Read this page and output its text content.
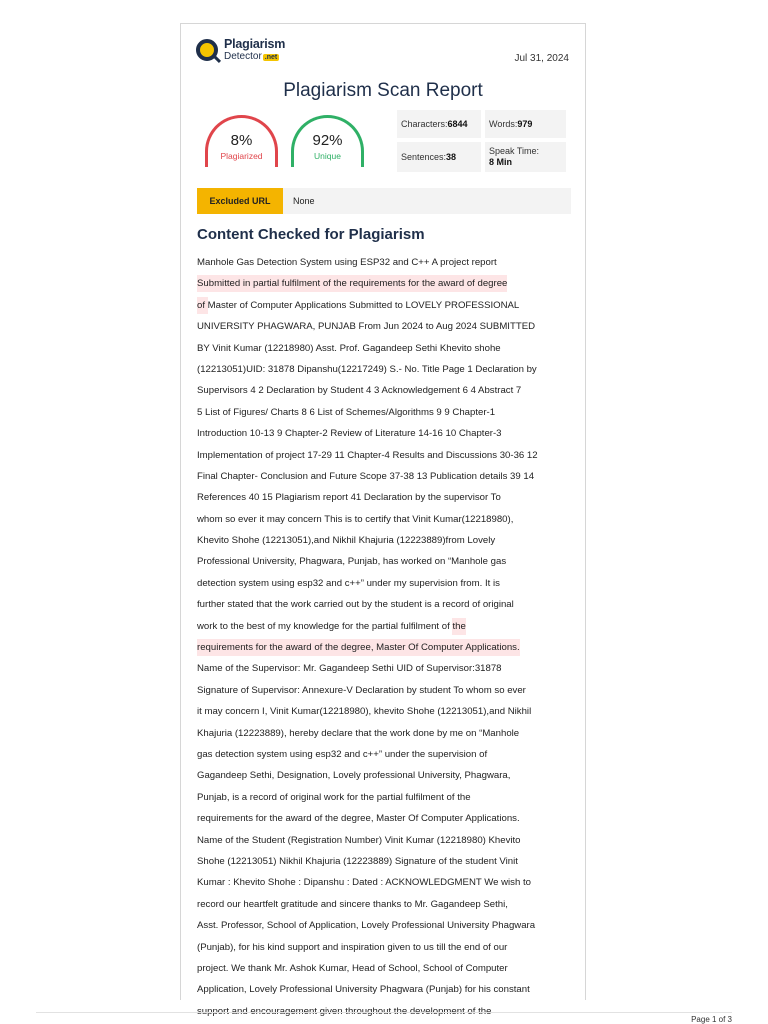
Plagiarism
Detector .net	Jul 31, 2024
Plagiarism Scan Report
8%
Plagiarized
92%
Unique
Characters: 6844 Words: 979
Sentences: 38
Speak Time:
8 Min
Excluded URL	None
Content Checked for Plagiarism
Manhole Gas Detection System using ESP32 and C++ A project report
Submitted in partial fulfilment of the requirements for the award of degree
of Master of Computer Applications Submitted to LOVELY PROFESSIONAL
UNIVERSITY PHAGWARA, PUNJAB From Jun 2024 to Aug 2024 SUBMITTED
BY Vinit Kumar (12218980) Asst. Prof. Gagandeep Sethi Khevito shohe
(12213051)UID: 31878 Dipanshu(12217249) S.- No. Title Page 1 Declaration by
Supervisors 4 2 Declaration by Student 4 3 Acknowledgement 6 4 Abstract 7
5 List of Figures/ Charts 8 6 List of Schemes/Algorithms 9 9 Chapter-1
Introduction 10-13 9 Chapter-2 Review of Literature 14-16 10 Chapter-3
Implementation of project 17-29 11 Chapter-4 Results and Discussions 30-36 12
Final Chapter- Conclusion and Future Scope 37-38 13 Publication details 39 14
References 40 15 Plagiarism report 41 Declaration by the supervisor To
whom so ever it may concern This is to certify that Vinit Kumar(12218980),
Khevito Shohe (12213051),and Nikhil Khajuria (12223889)from Lovely
Professional University, Phagwara, Punjab, has worked on “Manhole gas
detection system using esp32 and c++” under my supervision from. It is
further stated that the work carried out by the student is a record of original
work to the best of my knowledge for the partial fulfilment of the
requirements for the award of the degree, Master Of Computer Applications.
Name of the Supervisor: Mr. Gagandeep Sethi UID of Supervisor:31878
Signature of Supervisor: Annexure-V Declaration by student To whom so ever
it may concern I, Vinit Kumar(12218980), khevito Shohe (12213051),and Nikhil
Khajuria (12223889), hereby declare that the work done by me on “Manhole
gas detection system using esp32 and c++” under the supervision of
Gagandeep Sethi, Designation, Lovely professional University, Phagwara,
Punjab, is a record of original work for the partial fulfilment of the
requirements for the award of the degree, Master Of Computer Applications.
Name of the Student (Registration Number) Vinit Kumar (12218980) Khevito
Shohe (12213051) Nikhil Khajuria (12223889) Signature of the student Vinit
Kumar : Khevito Shohe : Dipanshu : Dated : ACKNOWLEDGMENT We wish to
record our heartfelt gratitude and sincere thanks to Mr. Gagandeep Sethi,
Asst. Professor, School of Application, Lovely Professional University Phagwara
(Punjab), for his kind support and inspiration given to us till the end of our
project. We thank Mr. Ashok Kumar, Head of School, School of Computer
Application, Lovely Professional University Phagwara (Punjab) for his constant
Page 1 of 3
